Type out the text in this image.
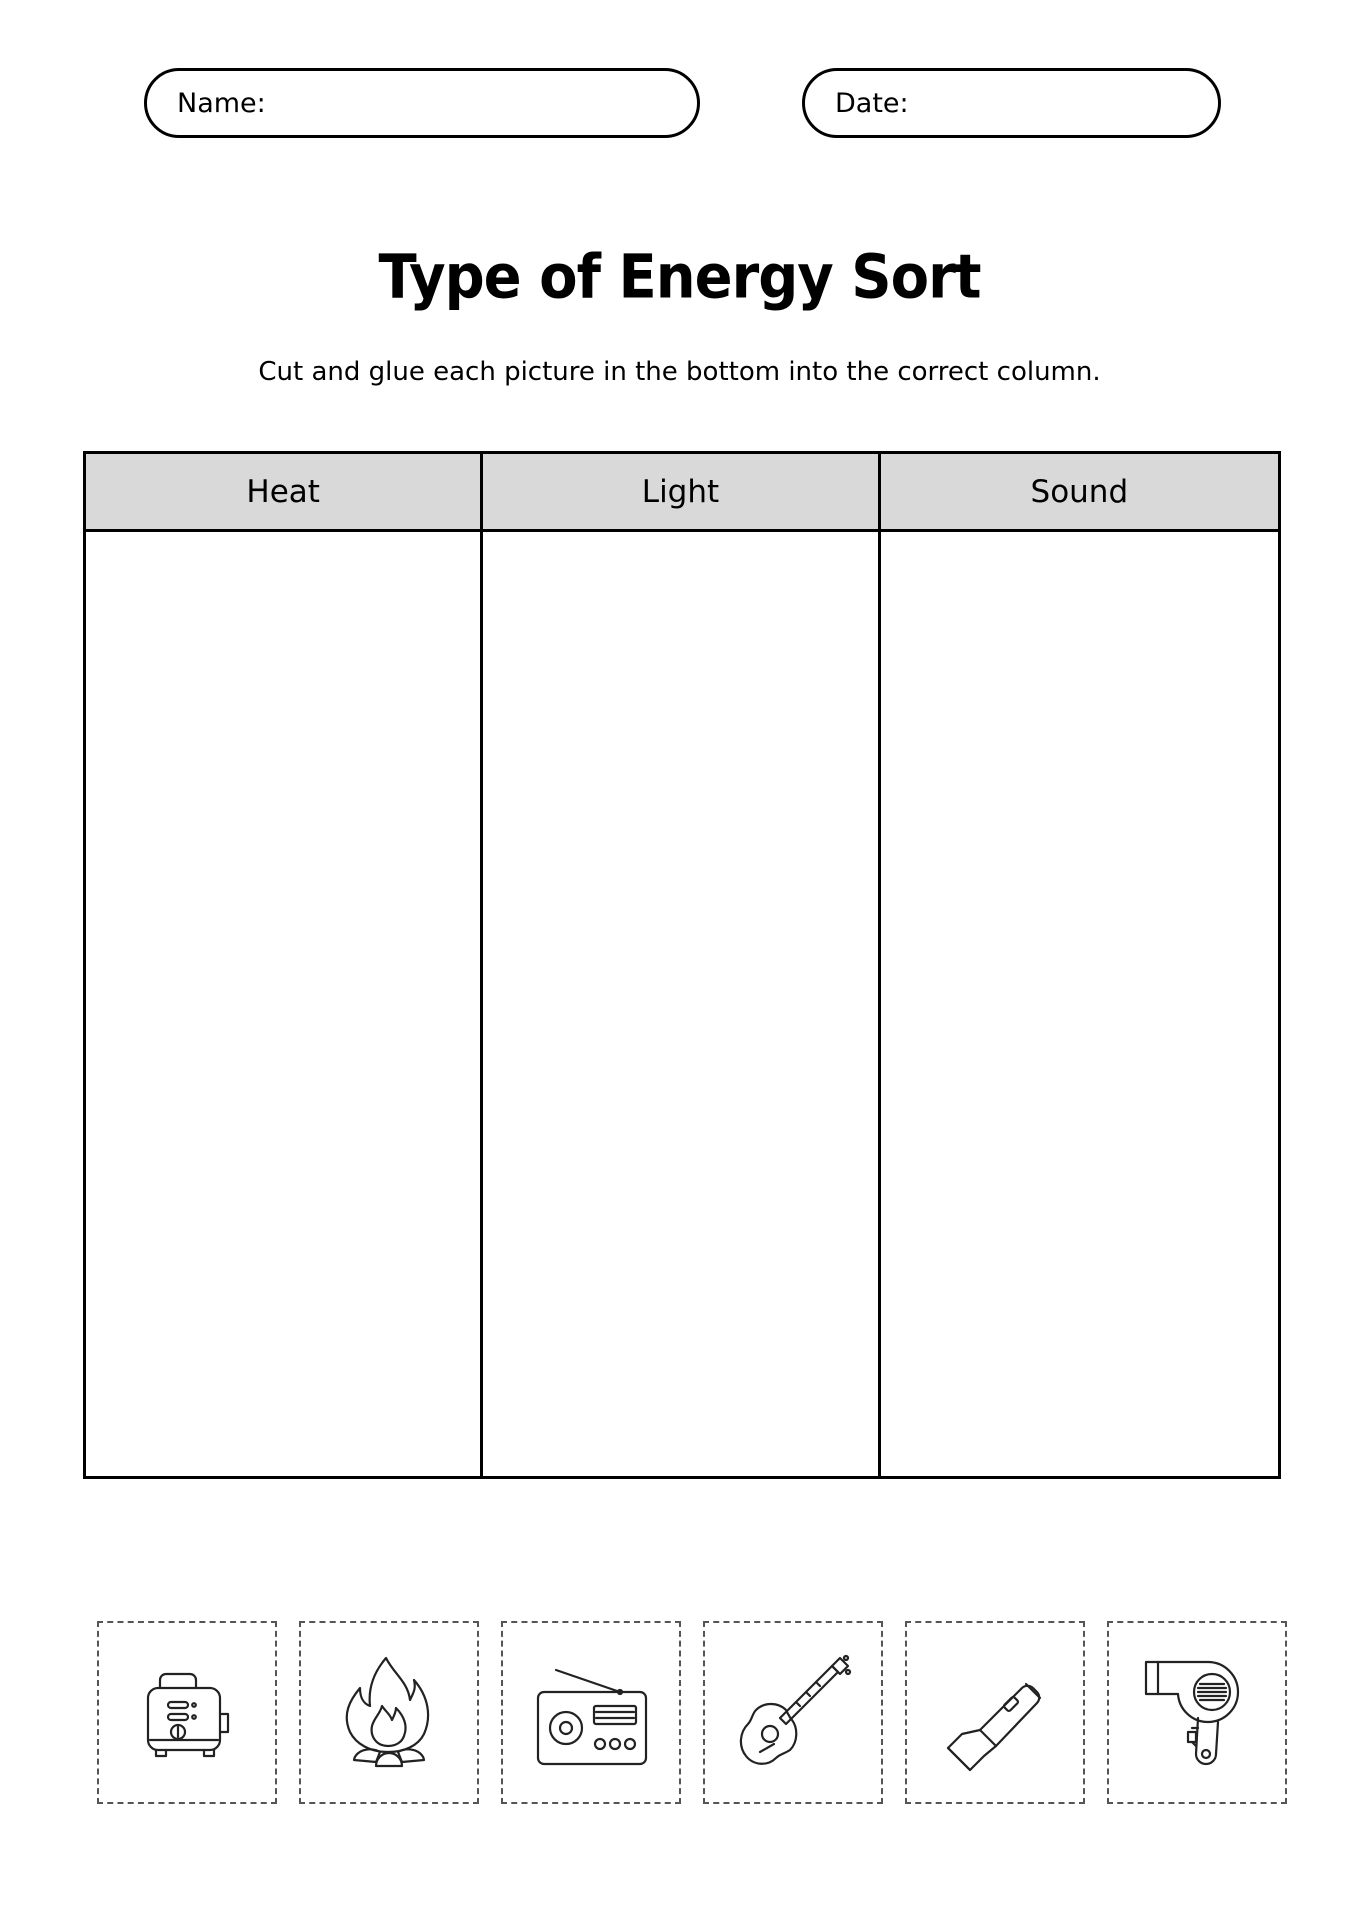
Name:	Date:
Type of Energy Sort

Cut and glue each picture in the bottom into the correct column.

Heat	Light	Sound
